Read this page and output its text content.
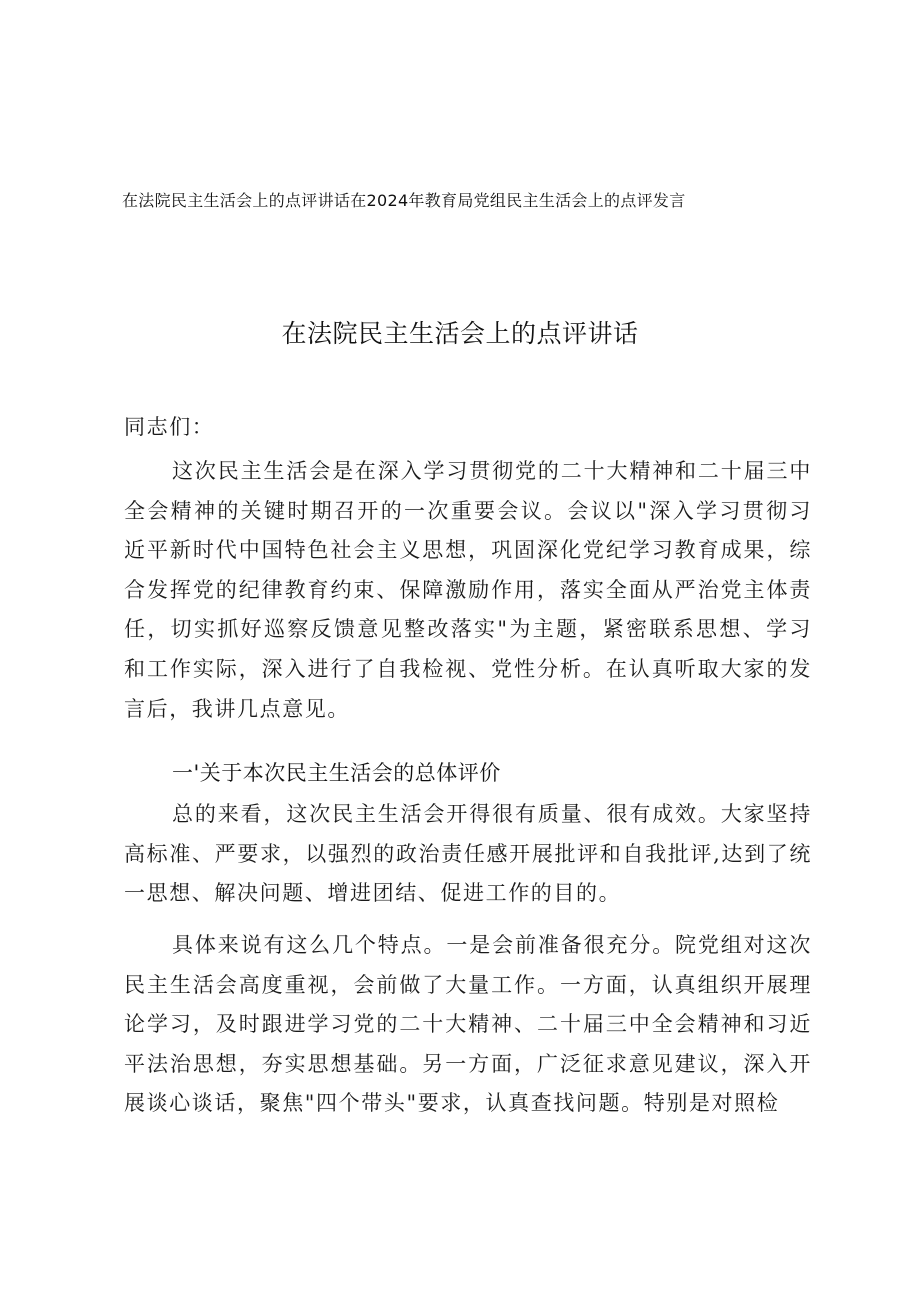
在法院民主生活会上的点评讲话在2024年教育局党组民主生活会上的点评发言
在法院民主生活会上的点评讲话

同志们：

这次民主生活会是在深入学习贯彻党的二十大精神和二十届三中全会精神的关键时期召开的一次重要会议。会议以"深入学习贯彻习近平新时代中国特色社会主义思想，巩固深化党纪学习教育成果，综合发挥党的纪律教育约束、保障激励作用，落实全面从严治党主体责任，切实抓好巡察反馈意见整改落实"为主题，紧密联系思想、学习和工作实际，深入进行了自我检视、党性分析。在认真听取大家的发言后，我讲几点意见。

一'关于本次民主生活会的总体评价

总的来看，这次民主生活会开得很有质量、很有成效。大家坚持高标准、严要求，以强烈的政治责任感开展批评和自我批评,达到了统一思想、解决问题、增进团结、促进工作的目的。

具体来说有这么几个特点。一是会前准备很充分。院党组对这次民主生活会高度重视，会前做了大量工作。一方面，认真组织开展理论学习，及时跟进学习党的二十大精神、二十届三中全会精神和习近平法治思想，夯实思想基础。另一方面，广泛征求意见建议，深入开展谈心谈话，聚焦"四个带头"要求，认真查找问题。特别是对照检
